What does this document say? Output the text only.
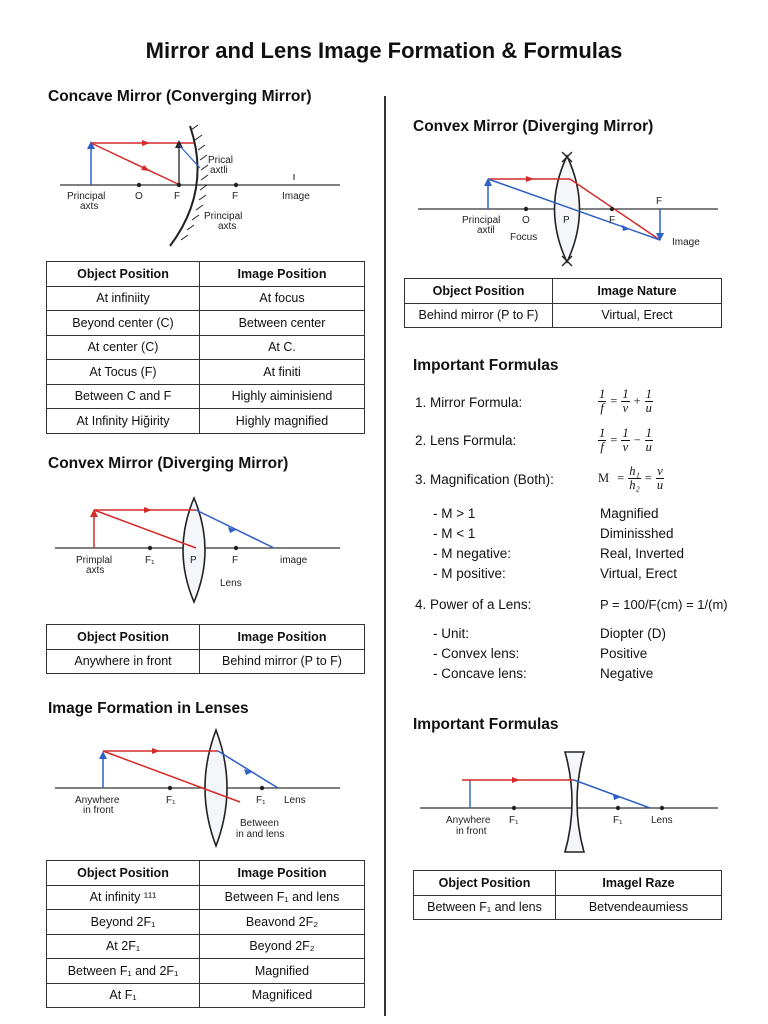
Mirror and Lens Image Formation & Formulas
Concave Mirror (Converging Mirror)
Principal
axts
O	F	F	Image
Principal
axts
Prical
axtli
Object Position	Image Position
At infiniity	At focus
Beyond center (C)	Between center
At center (C)	At C.
At Tocus (F)	At finiti
Between C and F	Highly aiminisiend
At Infinity Hiğirity	Highly magnified
Convex Mirror (Diverging Mirror)
Primplal
axts
F₁	P	F	image
Lens
Object Position	Image Position
Anywhere in front	Behind mirror (P to F)
Image Formation in Lenses
Anywhere
in front
F₁	F₁ Lens
Between
in and lens
Object Position	Image Position
At infinity ¹¹¹	Between F₁ and lens
Beyond 2F₁	Beavond 2F₂
At 2F₁	Beyond 2F₂
Between F₁ and 2F₁	Magnified
At F₁	Magnificed
Convex Mirror (Diverging Mirror)
Principal
axtil
O	P	F
F
Focus	Image
Object Position	Image Nature
Behind mirror (P to F)	Virtual, Erect
Important Formulas
1. Mirror Formula:	$\frac{1}{f} = \frac{1}{v} + \frac{1}{u}$
2. Lens Formula:	$\frac{1}{f} = \frac{1}{v} - \frac{1}{u}$
3. Magnification (Both):	$M = \frac{\text{h₁}}{\text{h₂}} = \frac{v}{u}$
- M > 1	Magnified
- M < 1	Diminisshed
- M negative:	Real, Inverted
- M positive:	Virtual, Erect
4. Power of a Lens:	P = 100/F(cm) = 1/(m)
- Unit:	Diopter (D)
- Convex lens:	Positive
- Concave lens:	Negative
Important Formulas
Anywhere
in front
F₁	F₁	Lens
Object Position	Imagel Raze
Between F₁ and lens	Betvendeaumiess
